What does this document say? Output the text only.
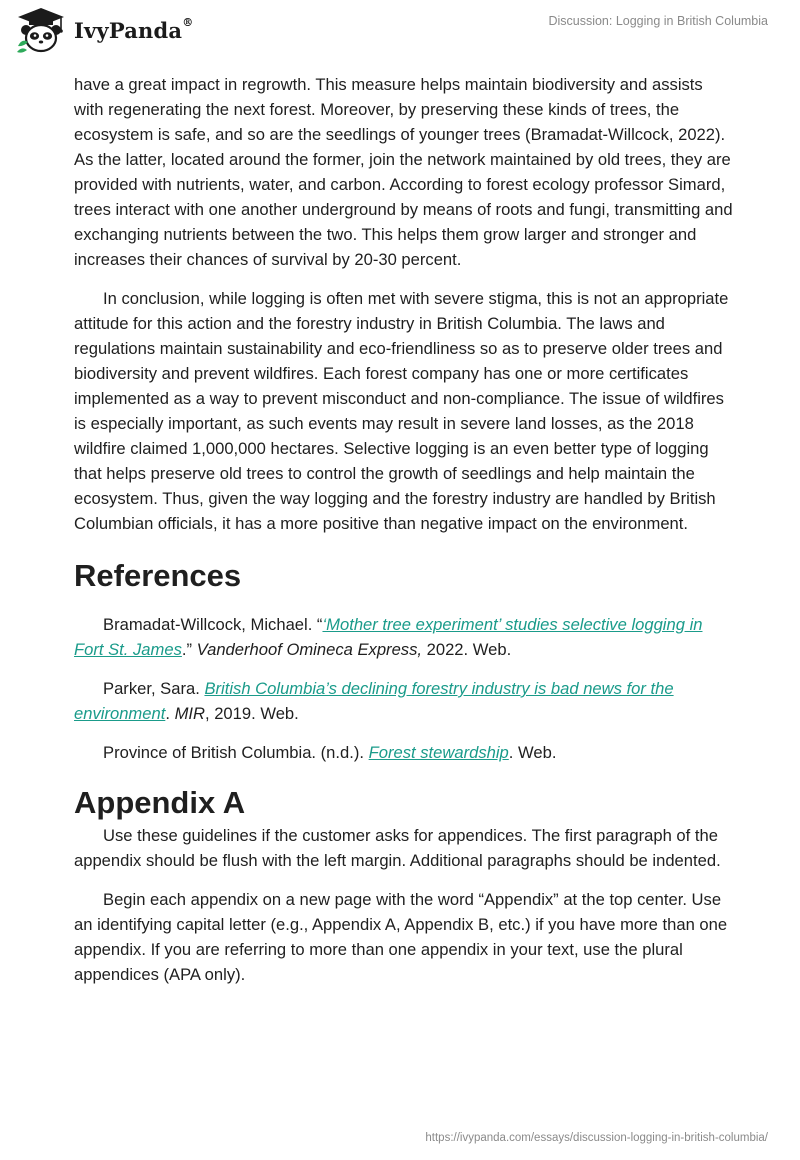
IvyPanda®	Discussion: Logging in British Columbia

have a great impact in regrowth. This measure helps maintain biodiversity and assists with regenerating the next forest. Moreover, by preserving these kinds of trees, the ecosystem is safe, and so are the seedlings of younger trees (Bramadat-Willcock, 2022). As the latter, located around the former, join the network maintained by old trees, they are provided with nutrients, water, and carbon. According to forest ecology professor Simard, trees interact with one another underground by means of roots and fungi, transmitting and exchanging nutrients between the two. This helps them grow larger and stronger and increases their chances of survival by 20-30 percent.

In conclusion, while logging is often met with severe stigma, this is not an appropriate attitude for this action and the forestry industry in British Columbia. The laws and regulations maintain sustainability and eco-friendliness so as to preserve older trees and biodiversity and prevent wildfires. Each forest company has one or more certificates implemented as a way to prevent misconduct and non-compliance. The issue of wildfires is especially important, as such events may result in severe land losses, as the 2018 wildfire claimed 1,000,000 hectares. Selective logging is an even better type of logging that helps preserve old trees to control the growth of seedlings and help maintain the ecosystem. Thus, given the way logging and the forestry industry are handled by British Columbian officials, it has a more positive than negative impact on the environment.

References

Bramadat-Willcock, Michael. “‘Mother tree experiment’ studies selective logging in Fort St. James.” Vanderhoof Omineca Express, 2022. Web.

Parker, Sara. British Columbia’s declining forestry industry is bad news for the environment. MIR, 2019. Web.

Province of British Columbia. (n.d.). Forest stewardship. Web.

Appendix A

Use these guidelines if the customer asks for appendices. The first paragraph of the appendix should be flush with the left margin. Additional paragraphs should be indented.

Begin each appendix on a new page with the word “Appendix” at the top center. Use an identifying capital letter (e.g., Appendix A, Appendix B, etc.) if you have more than one appendix. If you are referring to more than one appendix in your text, use the plural appendices (APA only).

https://ivypanda.com/essays/discussion-logging-in-british-columbia/
